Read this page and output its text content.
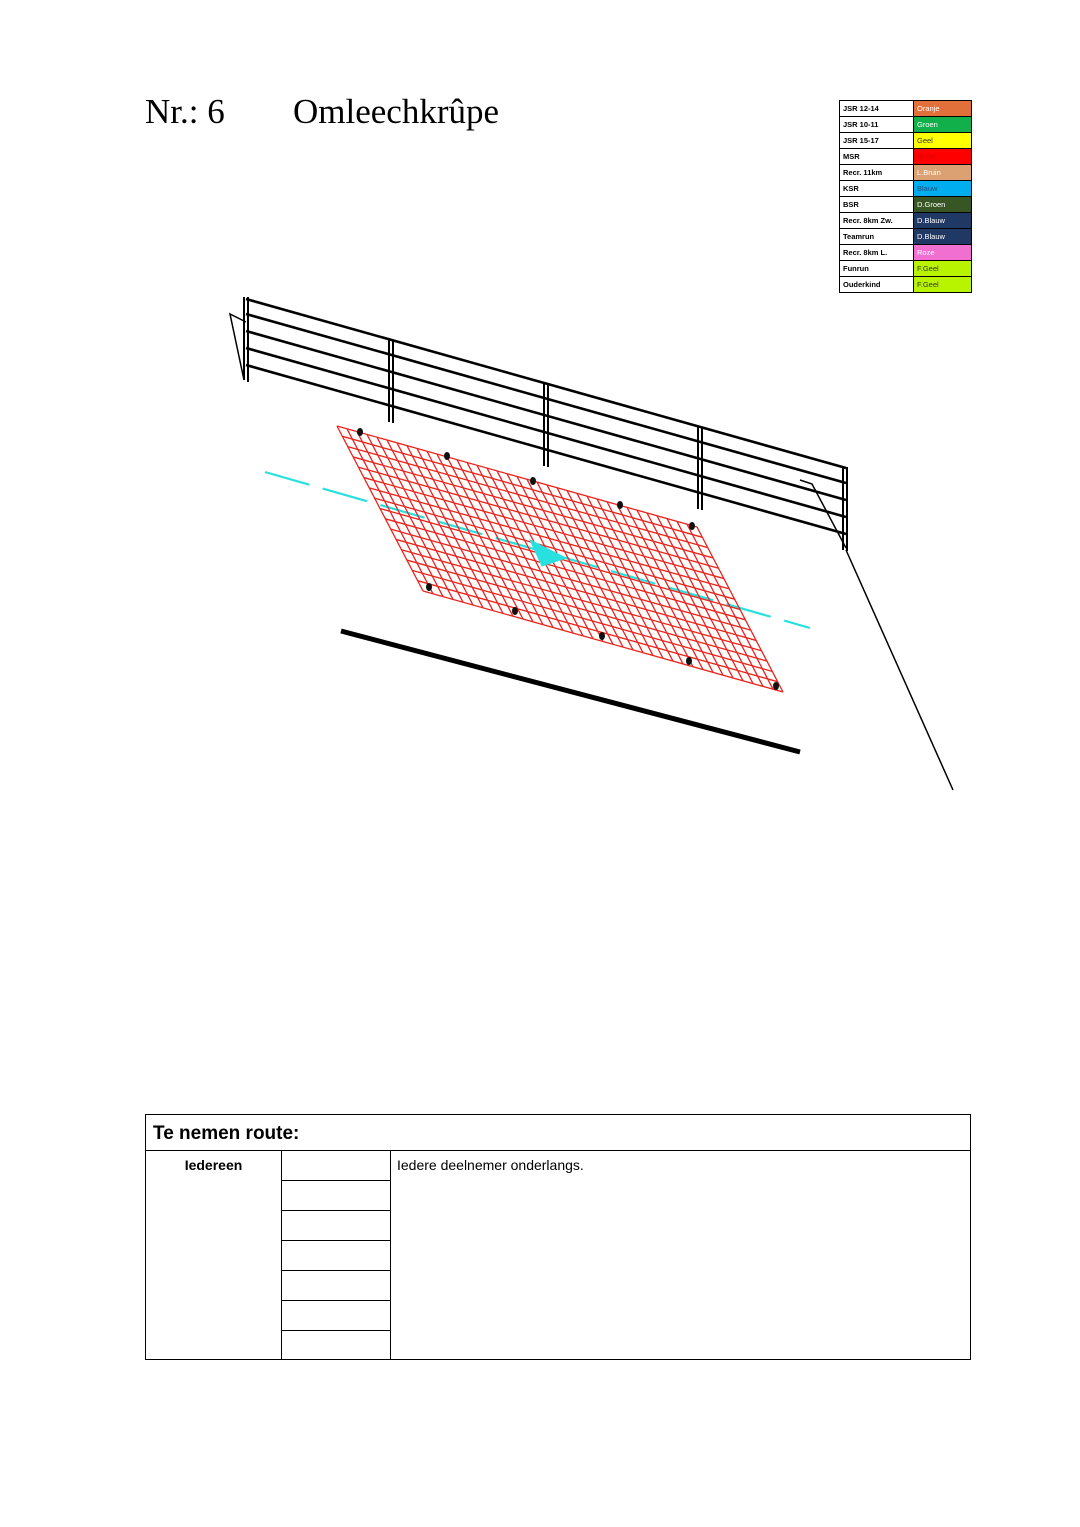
Nr.: 6 Omleechkrûpe	JSR 12-14	Oranje
JSR 10-11	Groen
JSR 15-17	Geel
MSR	Rood
Recr. 11km	L.Bruin
KSR	Blauw
BSR	D.Groen
Recr. 8km Zw.	D.Blauw
Teamrun	D.Blauw
Recr. 8km L.	Roze
Funrun	F.Geel
Ouderkind	F.Geel
Te nemen route:
Iedereen	Iedere deelnemer onderlangs.
